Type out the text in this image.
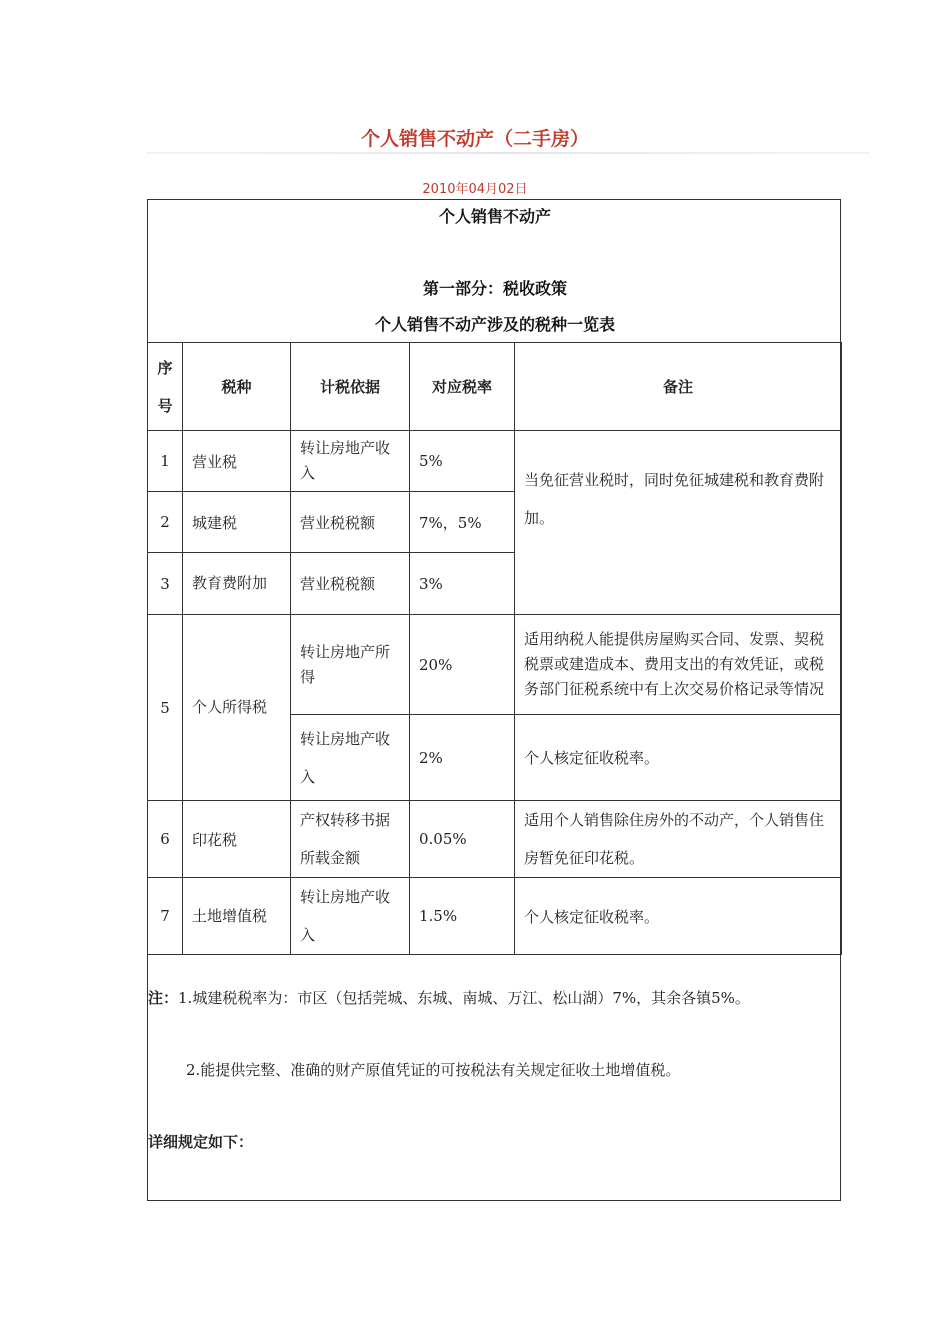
个人销售不动产（二手房）
2010年04月02日
个人销售不动产
第一部分：税收政策
个人销售不动产涉及的税种一览表
序号	税种	计税依据	对应税率	备注
1	营业税	转让房地产收入	5%	当免征营业税时，同时免征城建税和教育费附加。
2	城建税	营业税税额	7%，5%	
3	教育费附加	营业税税额	3%	
5	个人所得税	转让房地产所得	20%	适用纳税人能提供房屋购买合同、发票、契税税票或建造成本、费用支出的有效凭证，或税务部门征税系统中有上次交易价格记录等情况
		转让房地产收入	2%	个人核定征收税率。
6	印花税	产权转移书据所载金额	0.05%	适用个人销售除住房外的不动产，个人销售住房暂免征印花税。
7	土地增值税	转让房地产收入	1.5%	个人核定征收税率。
注：1.城建税税率为：市区（包括莞城、东城、南城、万江、松山湖）7%，其余各镇5%。
2.能提供完整、准确的财产原值凭证的可按税法有关规定征收土地增值税。
详细规定如下：
